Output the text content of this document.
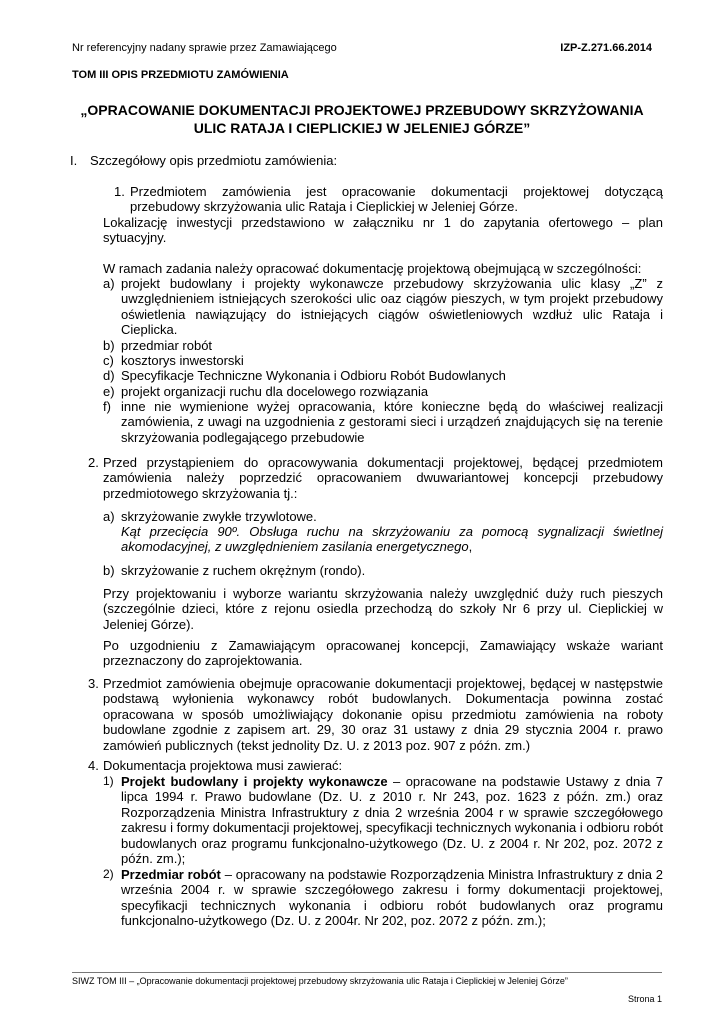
Nr referencyjny nadany sprawie przez Zamawiającego	IZP-Z.271.66.2014
TOM III OPIS PRZEDMIOTU ZAMÓWIENIA
„OPRACOWANIE DOKUMENTACJI PROJEKTOWEJ PRZEBUDOWY SKRZYŻOWANIA
ULIC RATAJA I CIEPLICKIEJ W JELENIEJ GÓRZE”
I. Szczegółowy opis przedmiotu zamówienia:
1. Przedmiotem zamówienia jest opracowanie dokumentacji projektowej dotyczącą przebudowy skrzyżowania ulic Rataja i Cieplickiej w Jeleniej Górze.
Lokalizację inwestycji przedstawiono w załączniku nr 1 do zapytania ofertowego – plan sytuacyjny.
W ramach zadania należy opracować dokumentację projektową obejmującą w szczególności:
a) projekt budowlany i projekty wykonawcze przebudowy skrzyżowania ulic klasy „Z” z uwzględnieniem istniejących szerokości ulic oaz ciągów pieszych, w tym projekt przebudowy oświetlenia nawiązujący do istniejących ciągów oświetleniowych wzdłuż ulic Rataja i Cieplicka.
b) przedmiar robót
c) kosztorys inwestorski
d) Specyfikacje Techniczne Wykonania i Odbioru Robót Budowlanych
e) projekt organizacji ruchu dla docelowego rozwiązania
f) inne nie wymienione wyżej opracowania, które konieczne będą do właściwej realizacji zamówienia, z uwagi na uzgodnienia z gestorami sieci i urządzeń znajdujących się na terenie skrzyżowania podlegającego przebudowie
2. Przed przystąpieniem do opracowywania dokumentacji projektowej, będącej przedmiotem zamówienia należy poprzedzić opracowaniem dwuwariantowej koncepcji przebudowy przedmiotowego skrzyżowania tj.:
a) skrzyżowanie zwykłe trzywlotowe.
Kąt przecięcia 90º. Obsługa ruchu na skrzyżowaniu za pomocą sygnalizacji świetlnej akomodacyjnej, z uwzględnieniem zasilania energetycznego,
b) skrzyżowanie z ruchem okrężnym (rondo).
Przy projektowaniu i wyborze wariantu skrzyżowania należy uwzględnić duży ruch pieszych (szczególnie dzieci, które z rejonu osiedla przechodzą do szkoły Nr 6 przy ul. Cieplickiej w Jeleniej Górze).
Po uzgodnieniu z Zamawiającym opracowanej koncepcji, Zamawiający wskaże wariant przeznaczony do zaprojektowania.
3. Przedmiot zamówienia obejmuje opracowanie dokumentacji projektowej, będącej w następstwie podstawą wyłonienia wykonawcy robót budowlanych. Dokumentacja powinna zostać opracowana w sposób umożliwiający dokonanie opisu przedmiotu zamówienia na roboty budowlane zgodnie z zapisem art. 29, 30 oraz 31 ustawy z dnia 29 stycznia 2004 r. prawo zamówień publicznych (tekst jednolity Dz. U. z 2013 poz. 907 z późn. zm.)
4. Dokumentacja projektowa musi zawierać:
1) Projekt budowlany i projekty wykonawcze – opracowane na podstawie Ustawy z dnia 7 lipca 1994 r. Prawo budowlane (Dz. U. z 2010 r. Nr 243, poz. 1623 z późn. zm.) oraz Rozporządzenia Ministra Infrastruktury z dnia 2 września 2004 r w sprawie szczegółowego zakresu i formy dokumentacji projektowej, specyfikacji technicznych wykonania i odbioru robót budowlanych oraz programu funkcjonalno-użytkowego (Dz. U. z 2004 r. Nr 202, poz. 2072 z późn. zm.);
2) Przedmiar robót – opracowany na podstawie Rozporządzenia Ministra Infrastruktury z dnia 2 września 2004 r. w sprawie szczegółowego zakresu i formy dokumentacji projektowej, specyfikacji technicznych wykonania i odbioru robót budowlanych oraz programu funkcjonalno-użytkowego (Dz. U. z 2004r. Nr 202, poz. 2072 z późn. zm.);
SIWZ TOM III – „Opracowanie dokumentacji projektowej przebudowy skrzyżowania ulic Rataja i Cieplickiej w Jeleniej Górze”
Strona 1
